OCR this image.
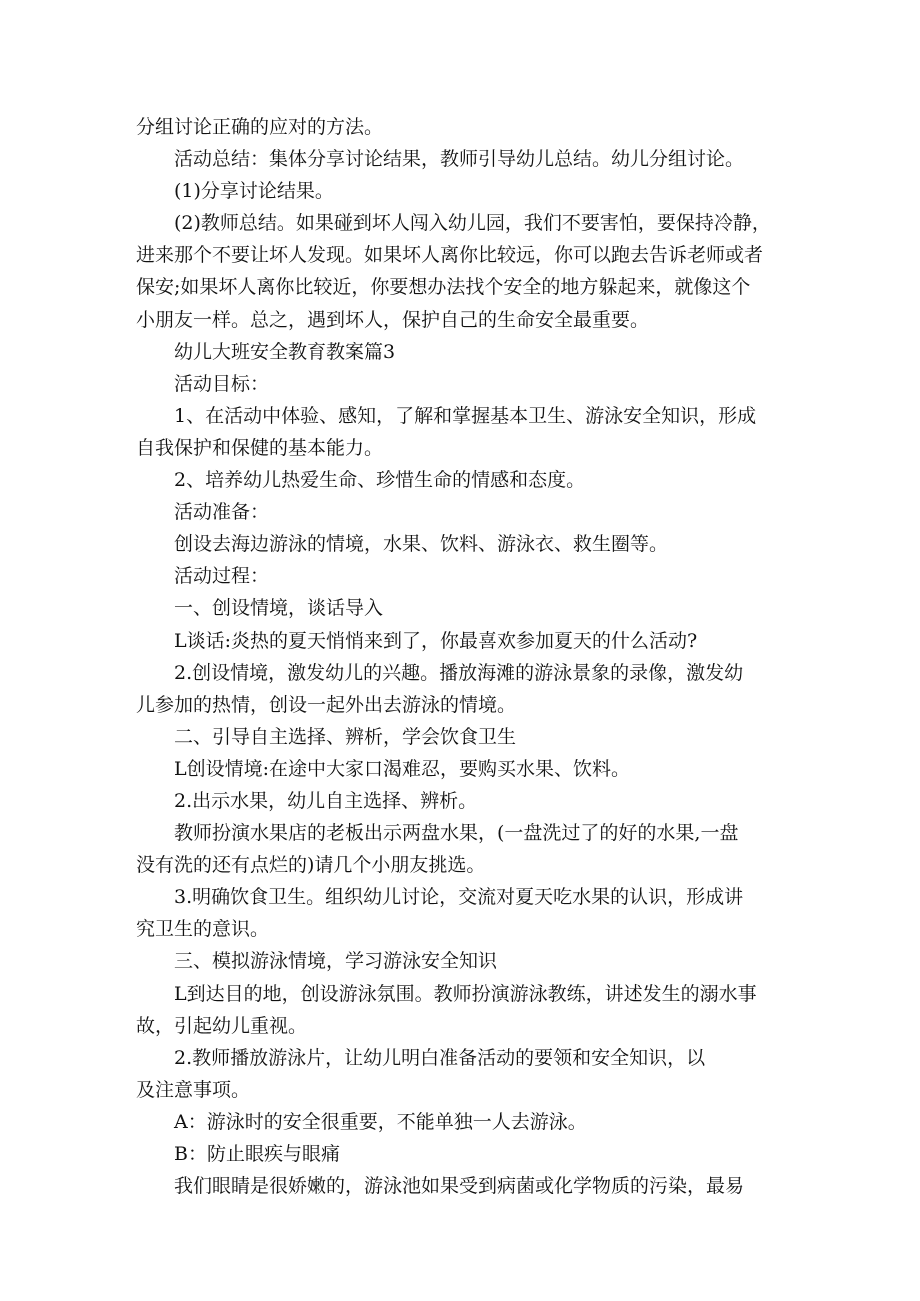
分组讨论正确的应对的方法。
活动总结：集体分享讨论结果，教师引导幼儿总结。幼儿分组讨论。
(1)分享讨论结果。
(2)教师总结。如果碰到坏人闯入幼儿园，我们不要害怕，要保持冷静，
进来那个不要让坏人发现。如果坏人离你比较远，你可以跑去告诉老师或者
保安;如果坏人离你比较近，你要想办法找个安全的地方躲起来，就像这个
小朋友一样。总之，遇到坏人，保护自己的生命安全最重要。
幼儿大班安全教育教案篇3
活动目标：
1、在活动中体验、感知，了解和掌握基本卫生、游泳安全知识，形成
自我保护和保健的基本能力。
2、培养幼儿热爱生命、珍惜生命的情感和态度。
活动准备：
创设去海边游泳的情境，水果、饮料、游泳衣、救生圈等。
活动过程：
一、创设情境，谈话导入
L谈话:炎热的夏天悄悄来到了，你最喜欢参加夏天的什么活动?
2.创设情境，激发幼儿的兴趣。播放海滩的游泳景象的录像，激发幼
儿参加的热情，创设一起外出去游泳的情境。
二、引导自主选择、辨析，学会饮食卫生
L创设情境:在途中大家口渴难忍，要购买水果、饮料。
2.出示水果，幼儿自主选择、辨析。
教师扮演水果店的老板出示两盘水果，(一盘洗过了的好的水果,一盘
没有洗的还有点烂的)请几个小朋友挑选。
3.明确饮食卫生。组织幼儿讨论，交流对夏天吃水果的认识，形成讲
究卫生的意识。
三、模拟游泳情境，学习游泳安全知识
L到达目的地，创设游泳氛围。教师扮演游泳教练，讲述发生的溺水事
故，引起幼儿重视。
2.教师播放游泳片，让幼儿明白准备活动的要领和安全知识，以
及注意事项。
A：游泳时的安全很重要，不能单独一人去游泳。
B：防止眼疾与眼痛
我们眼睛是很娇嫩的，游泳池如果受到病菌或化学物质的污染，最易
